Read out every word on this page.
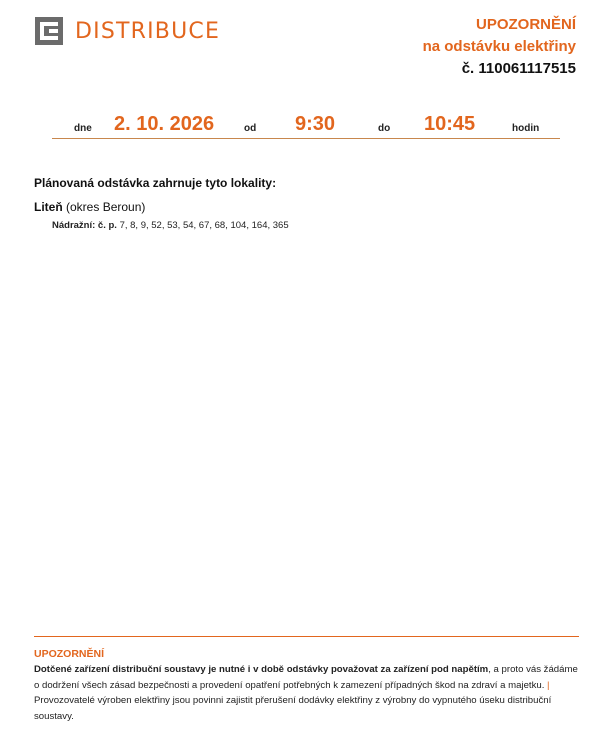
DISTRIBUCE	UPOZORNĚNÍ
na odstávku elektřiny
č. 110061117515
dne 2. 10. 2026	od 9:30	do 10:45	hodin
Plánovaná odstávka zahrnuje tyto lokality:
Liteň (okres Beroun)
Nádražní: č. p. 7, 8, 9, 52, 53, 54, 67, 68, 104, 164, 365
UPOZORNĚNÍ
Dotčené zařízení distribuční soustavy je nutné i v době odstávky považovat za zařízení pod napětím, a proto vás žádáme o dodržení všech zásad bezpečnosti a provedení opatření potřebných k zamezení případných škod na zdraví a majetku. | Provozovatelé výroben elektřiny jsou povinni zajistit přerušení dodávky elektřiny z výrobny do vypnutého úseku distribuční soustavy.
